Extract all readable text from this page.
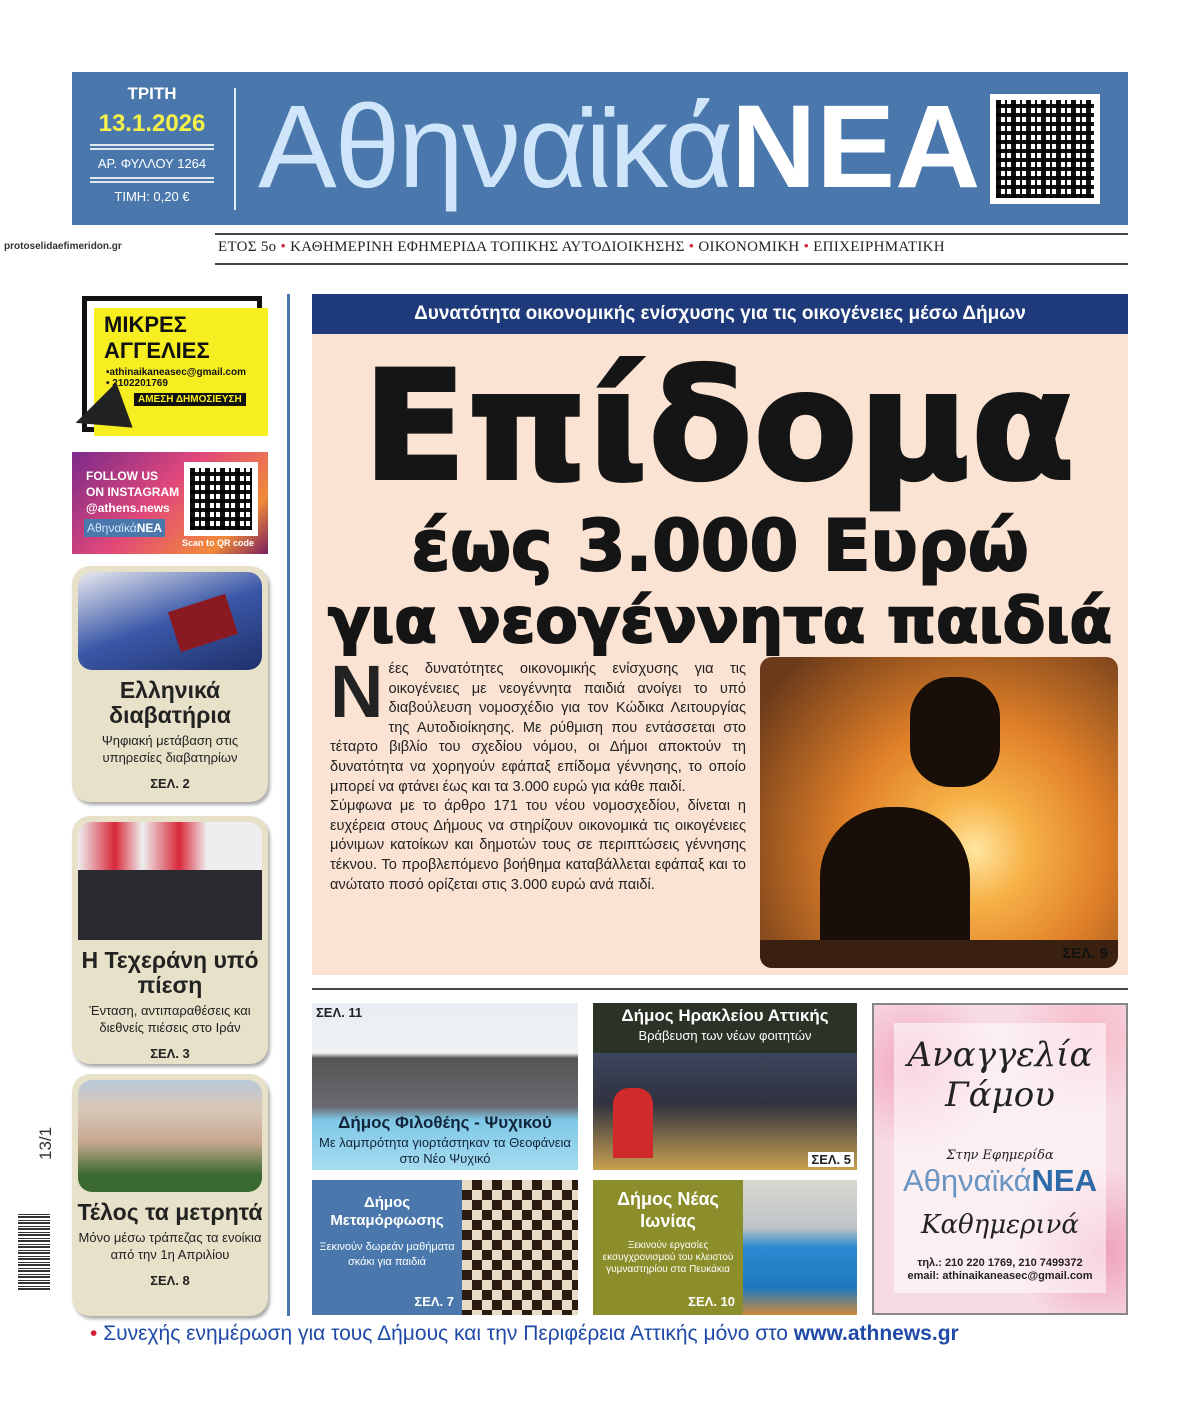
ΤΡΙΤΗ
13.1.2026
ΑΡ. ΦΥΛΛΟΥ 1264
ΤΙΜΗ: 0,20 € ΑθηναϊκάΝΕΑ
protoselidaefimeridon.gr	ΕΤΟΣ 5ο • ΚΑΘΗΜΕΡΙΝΗ ΕΦΗΜΕΡΙΔΑ ΤΟΠΙΚΗΣ ΑΥΤΟΔΙΟΙΚΗΣΗΣ • ΟΙΚΟΝΟΜΙΚΗ • ΕΠΙΧΕΙΡΗΜΑΤΙΚΗ
ΜΙΚΡΕΣ
ΑΓΓΕΛΙΕΣ
•athinaikaneasec@gmail.com
• 2102201769
ΑΜΕΣΗ ΔΗΜΟΣΙΕΥΣΗ
FOLLOW US
ON INSTAGRAM
@athens.news
ΑθηναϊκάΝΕΑ
Scan to QR code
Ελληνικά διαβατήρια

Ψηφιακή μετάβαση στις υπηρεσίες διαβατηρίων

ΣΕΛ. 2
Η Τεχεράνη υπό πίεση

Ένταση, αντιπαραθέσεις και διεθνείς πιέσεις στο Ιράν

ΣΕΛ. 3
Τέλος τα μετρητά

Μόνο μέσω τράπεζας τα ενοίκια από την 1η Απριλίου

ΣΕΛ. 8
13/1
Δυνατότητα οικονομικής ενίσχυσης για τις οικογένειες μέσω Δήμων
Επίδομα
έως 3.000 Ευρώ
για νεογέννητα παιδιά

Νέες δυνατότητες οικονομικής ενίσχυσης για τις οικογένειες με νεογέννητα παιδιά ανοίγει το υπό διαβούλευση νομοσχέδιο για τον Κώδικα Λειτουργίας της Αυτοδιοίκησης. Με ρύθμιση που εντάσσεται στο τέταρτο βιβλίο του σχεδίου νόμου, οι Δήμοι αποκτούν τη δυνατότητα να χορηγούν εφάπαξ επίδομα γέννησης, το οποίο μπορεί να φτάνει έως και τα 3.000 ευρώ για κάθε παιδί.

Σύμφωνα με το άρθρο 171 του νέου νομοσχεδίου, δίνεται η ευχέρεια στους Δήμους να στηρίζουν οικονομικά τις οικογένειες μόνιμων κατοίκων και δημοτών τους σε περιπτώσεις γέννησης τέκνου. Το προβλεπόμενο βοήθημα καταβάλλεται εφάπαξ και το ανώτατο ποσό ορίζεται στις 3.000 ευρώ ανά παιδί.

ΣΕΛ. 9
ΣΕΛ. 11
Δήμος Φιλοθέης - Ψυχικού
Με λαμπρότητα γιορτάστηκαν τα Θεοφάνεια στο Νέο Ψυχικό
Δήμος Ηρακλείου Αττικής
Βράβευση των νέων φοιτητών
ΣΕΛ. 5
Δήμος Μεταμόρφωσης
Ξεκινούν δωρεάν μαθήματα σκάκι για παιδιά
ΣΕΛ. 7
Δήμος Νέας Ιωνίας
Ξεκινούν εργασίες εκσυγχρονισμού του κλειστού γυμναστηρίου στα Πευκάκια
ΣΕΛ. 10
Αναγγελία Γάμου
Στην Εφημερίδα
ΑθηναϊκάΝΕΑ
Καθημερινά
τηλ.: 210 220 1769, 210 7499372
email: athinaikaneasec@gmail.com
• Συνεχής ενημέρωση για τους Δήμους και την Περιφέρεια Αττικής μόνο στο www.athnews.gr
